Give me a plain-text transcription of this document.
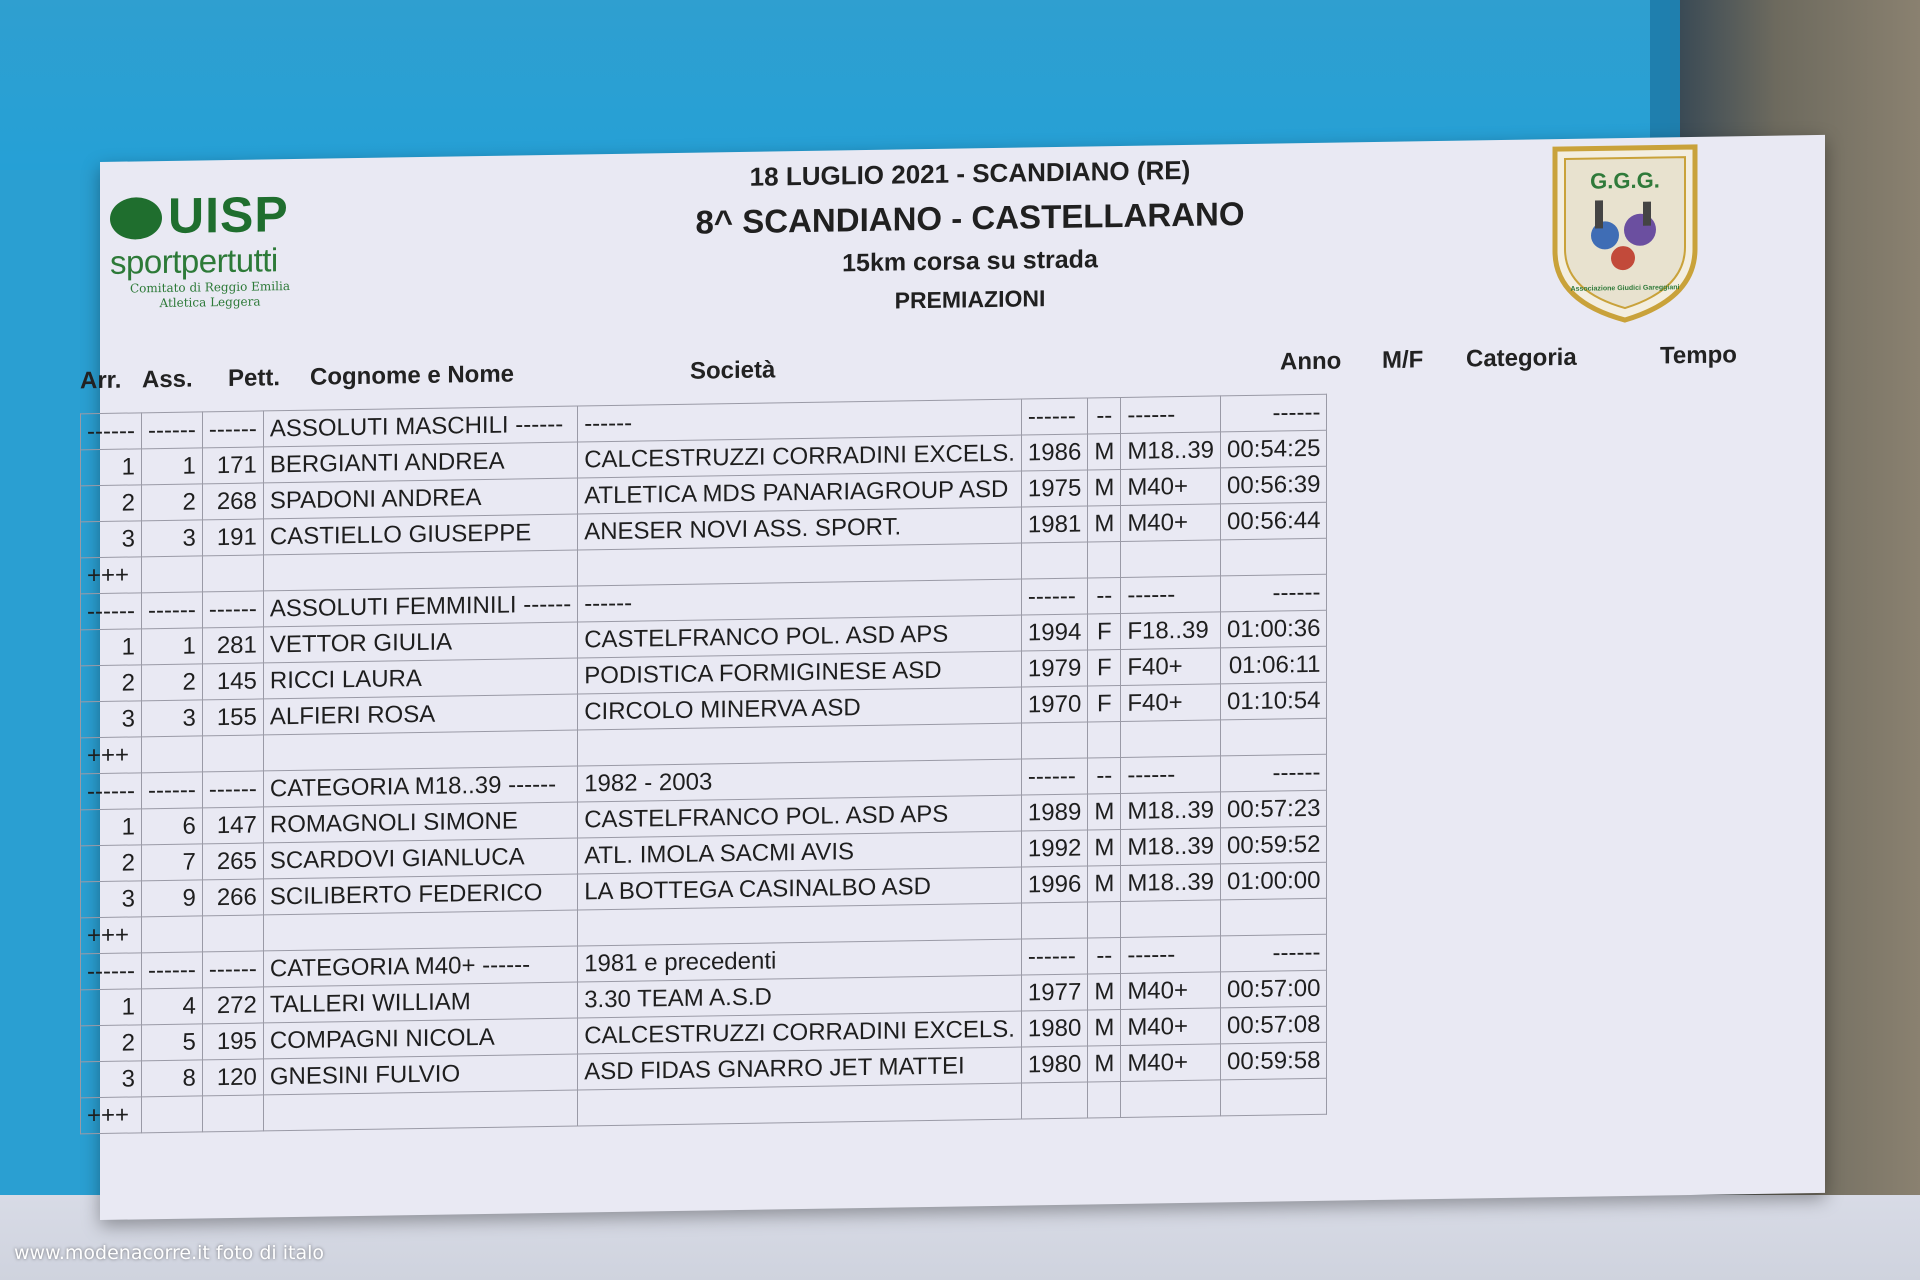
UISP
sportpertutti
Comitato di Reggio Emilia
Atletica Leggera
18 LUGLIO 2021 - SCANDIANO (RE)
8^ SCANDIANO - CASTELLARANO
15km corsa su strada
PREMIAZIONI
G.G.G.
Associazione Giudici Gareggiani
Arr. Ass. Pett. Cognome e Nome	Società	Anno M/F Categoria	Tempo
------	------	------	ASSOLUTI MASCHILI ------	------	------	--	------	------
1	1	171	BERGIANTI ANDREA	CALCESTRUZZI CORRADINI EXCELS.	1986	M	M18..39	00:54:25
2	2	268	SPADONI ANDREA	ATLETICA MDS PANARIAGROUP ASD	1975	M	M40+	00:56:39
3	3	191	CASTIELLO GIUSEPPE	ANESER NOVI ASS. SPORT.	1981	M	M40+	00:56:44
+++								
------	------	------	ASSOLUTI FEMMINILI ------	------	------	--	------	------
1	1	281	VETTOR GIULIA	CASTELFRANCO POL. ASD APS	1994	F	F18..39	01:00:36
2	2	145	RICCI LAURA	PODISTICA FORMIGINESE ASD	1979	F	F40+	01:06:11
3	3	155	ALFIERI ROSA	CIRCOLO MINERVA ASD	1970	F	F40+	01:10:54
+++								
------	------	------	CATEGORIA M18..39 ------	1982 - 2003	------	--	------	------
1	6	147	ROMAGNOLI SIMONE	CASTELFRANCO POL. ASD APS	1989	M	M18..39	00:57:23
2	7	265	SCARDOVI GIANLUCA	ATL. IMOLA SACMI AVIS	1992	M	M18..39	00:59:52
3	9	266	SCILIBERTO FEDERICO	LA BOTTEGA CASINALBO ASD	1996	M	M18..39	01:00:00
+++								
------	------	------	CATEGORIA M40+ ------	1981 e precedenti	------	--	------	------
1	4	272	TALLERI WILLIAM	3.30 TEAM A.S.D	1977	M	M40+	00:57:00
2	5	195	COMPAGNI NICOLA	CALCESTRUZZI CORRADINI EXCELS.	1980	M	M40+	00:57:08
3	8	120	GNESINI FULVIO	ASD FIDAS GNARRO JET MATTEI	1980	M	M40+	00:59:58
+++								
www.modenacorre.it foto di italo
